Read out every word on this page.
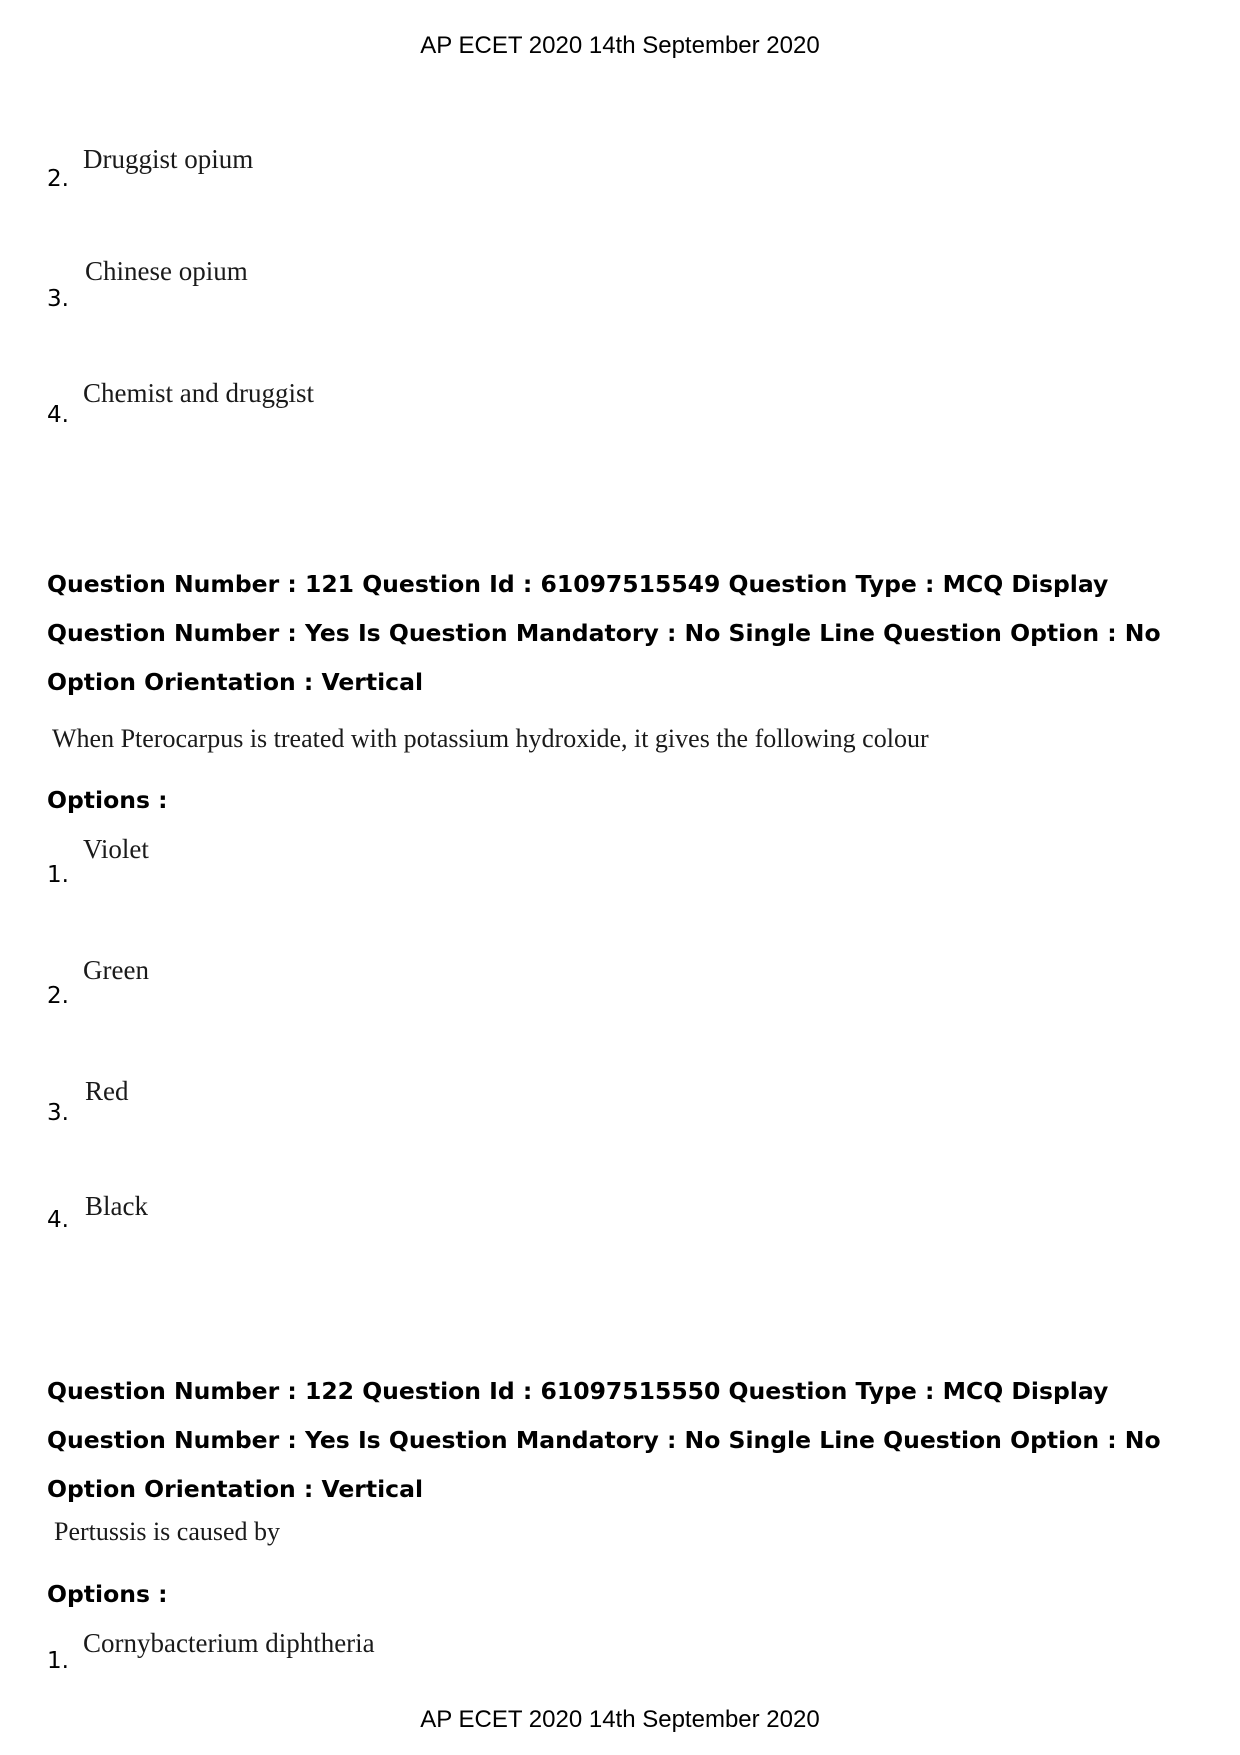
AP ECET 2020 14th September 2020
2.
Druggist opium
3.
Chinese opium
4.
Chemist and druggist
Question Number : 121 Question Id : 61097515549 Question Type : MCQ Display Question Number : Yes Is Question Mandatory : No Single Line Question Option : No Option Orientation : Vertical
When Pterocarpus is treated with potassium hydroxide, it gives the following colour
Options :
1.
Violet
2.
Green
3.
Red
4. Black
Question Number : 122 Question Id : 61097515550 Question Type : MCQ Display Question Number : Yes Is Question Mandatory : No Single Line Question Option : No Option Orientation : Vertical
Pertussis is caused by
Options :
1.
Cornybacterium diphtheria
AP ECET 2020 14th September 2020
